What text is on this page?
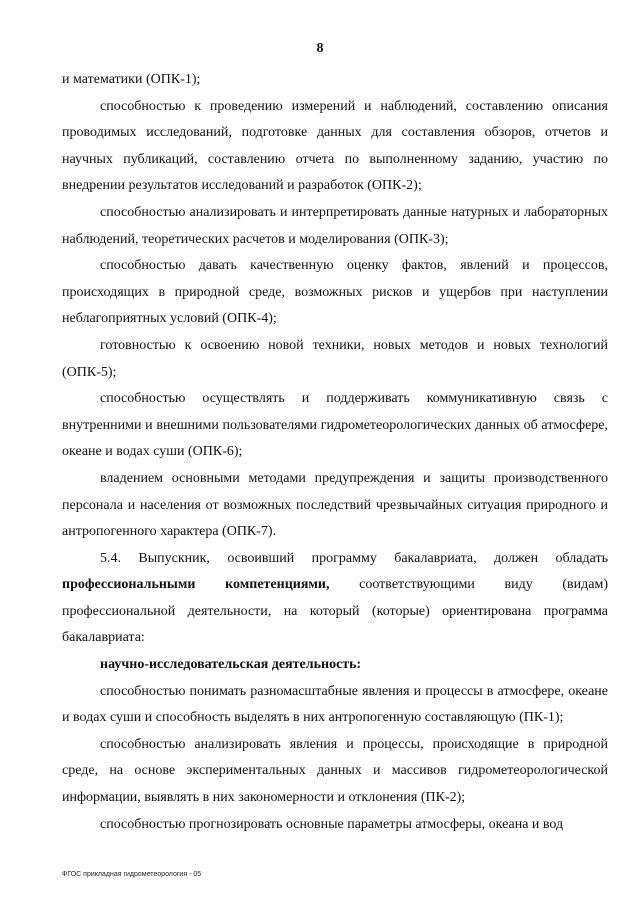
8

и математики (ОПК-1);

способностью к проведению измерений и наблюдений, составлению описания проводимых исследований, подготовке данных для составления обзоров, отчетов и научных публикаций, составлению отчета по выполненному заданию, участию по внедрении результатов исследований и разработок (ОПК-2);

способностью анализировать и интерпретировать данные натурных и лабораторных наблюдений, теоретических расчетов и моделирования (ОПК-3);

способностью давать качественную оценку фактов, явлений и процессов, происходящих в природной среде, возможных рисков и ущербов при наступлении неблагоприятных условий (ОПК-4);

готовностью к освоению новой техники, новых методов и новых технологий (ОПК-5);

способностью осуществлять и поддерживать коммуникативную связь с внутренними и внешними пользователями гидрометеорологических данных об атмосфере, океане и водах суши (ОПК-6);

владением основными методами предупреждения и защиты производственного персонала и населения от возможных последствий чрезвычайных ситуация природного и антропогенного характера (ОПК-7).

5.4. Выпускник, освоивший программу бакалавриата, должен обладать профессиональными компетенциями, соответствующими виду (видам) профессиональной деятельности, на который (которые) ориентирована программа бакалавриата:

научно-исследовательская деятельность:

способностью понимать разномасштабные явления и процессы в атмосфере, океане и водах суши и способность выделять в них антропогенную составляющую (ПК-1);

способностью анализировать явления и процессы, происходящие в природной среде, на основе экспериментальных данных и массивов гидрометеорологической информации, выявлять в них закономерности и отклонения (ПК-2);

способностью прогнозировать основные параметры атмосферы, океана и вод

ФГОС прикладная гидрометеорология - 05
